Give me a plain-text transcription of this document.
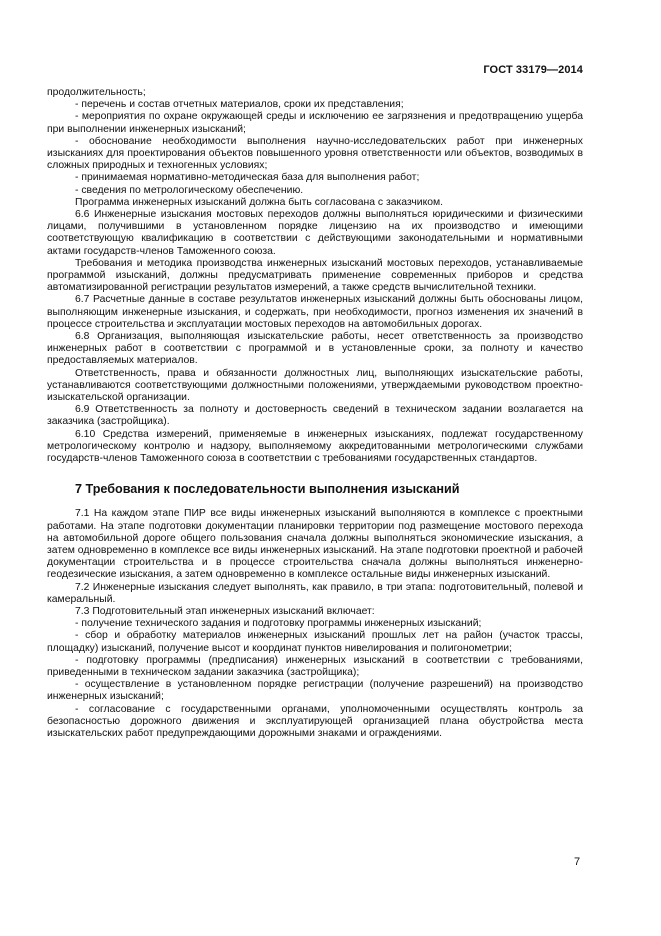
ГОСТ 33179—2014

продолжительность;

- перечень и состав отчетных материалов, сроки их представления;

- мероприятия по охране окружающей среды и исключению ее загрязнения и предотвращению ущерба при выполнении инженерных изысканий;

- обоснование необходимости выполнения научно-исследовательских работ при инженерных изысканиях для проектирования объектов повышенного уровня ответственности или объектов, возводимых в сложных природных и техногенных условиях;

- принимаемая нормативно-методическая база для выполнения работ;

- сведения по метрологическому обеспечению.

Программа инженерных изысканий должна быть согласована с заказчиком.

6.6 Инженерные изыскания мостовых переходов должны выполняться юридическими и физическими лицами, получившими в установленном порядке лицензию на их производство и имеющими соответствующую квалификацию в соответствии с действующими законодательными и нормативными актами государств-членов Таможенного союза.

Требования и методика производства инженерных изысканий мостовых переходов, устанавливаемые программой изысканий, должны предусматривать применение современных приборов и средства автоматизированной регистрации результатов измерений, а также средств вычислительной техники.

6.7 Расчетные данные в составе результатов инженерных изысканий должны быть обоснованы лицом, выполняющим инженерные изыскания, и содержать, при необходимости, прогноз изменения их значений в процессе строительства и эксплуатации мостовых переходов на автомобильных дорогах.

6.8 Организация, выполняющая изыскательские работы, несет ответственность за производство инженерных работ в соответствии с программой и в установленные сроки, за полноту и качество предоставляемых материалов.

Ответственность, права и обязанности должностных лиц, выполняющих изыскательские работы, устанавливаются соответствующими должностными положениями, утверждаемыми руководством проектно-изыскательской организации.

6.9 Ответственность за полноту и достоверность сведений в техническом задании возлагается на заказчика (застройщика).

6.10 Средства измерений, применяемые в инженерных изысканиях, подлежат государственному метрологическому контролю и надзору, выполняемому аккредитованными метрологическими службами государств-членов Таможенного союза в соответствии с требованиями государственных стандартов.

7 Требования к последовательности выполнения изысканий

7.1 На каждом этапе ПИР все виды инженерных изысканий выполняются в комплексе с проектными работами. На этапе подготовки документации планировки территории под размещение мостового перехода на автомобильной дороге общего пользования сначала должны выполняться экономические изыскания, а затем одновременно в комплексе все виды инженерных изысканий. На этапе подготовки проектной и рабочей документации строительства и в процессе строительства сначала должны выполняться инженерно-геодезические изыскания, а затем одновременно в комплексе остальные виды инженерных изысканий.

7.2 Инженерные изыскания следует выполнять, как правило, в три этапа: подготовительный, полевой и камеральный.

7.3 Подготовительный этап инженерных изысканий включает:

- получение технического задания и подготовку программы инженерных изысканий;

- сбор и обработку материалов инженерных изысканий прошлых лет на район (участок трассы, площадку) изысканий, получение высот и координат пунктов нивелирования и полигонометрии;

- подготовку программы (предписания) инженерных изысканий в соответствии с требованиями, приведенными в техническом задании заказчика (застройщика);

- осуществление в установленном порядке регистрации (получение разрешений) на производство инженерных изысканий;

- согласование с государственными органами, уполномоченными осуществлять контроль за безопасностью дорожного движения и эксплуатирующей организацией плана обустройства места изыскательских работ предупреждающими дорожными знаками и ограждениями.

7
